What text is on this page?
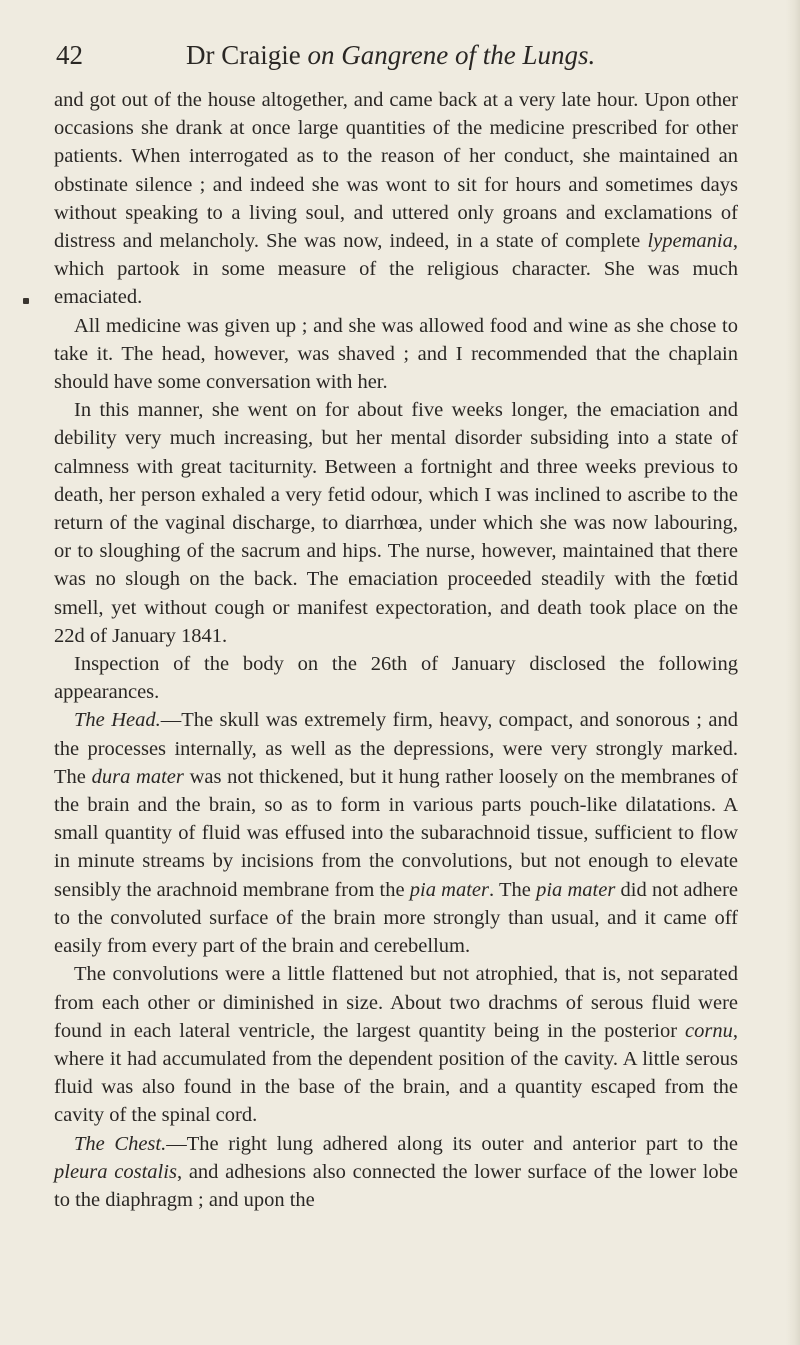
42	Dr Craigie on Gangrene of the Lungs.

and got out of the house altogether, and came back at a very late hour. Upon other occasions she drank at once large quantities of the medicine prescribed for other patients. When interrogated as to the reason of her conduct, she maintained an obstinate silence ; and indeed she was wont to sit for hours and sometimes days without speaking to a living soul, and uttered only groans and exclamations of distress and melancholy. She was now, indeed, in a state of complete lypemania, which partook in some measure of the religious character. She was much emaciated.

All medicine was given up ; and she was allowed food and wine as she chose to take it. The head, however, was shaved ; and I recommended that the chaplain should have some conversation with her.

In this manner, she went on for about five weeks longer, the emaciation and debility very much increasing, but her mental disorder subsiding into a state of calmness with great taciturnity. Between a fortnight and three weeks previous to death, her person exhaled a very fetid odour, which I was inclined to ascribe to the return of the vaginal discharge, to diarrhœa, under which she was now labouring, or to sloughing of the sacrum and hips. The nurse, however, maintained that there was no slough on the back. The emaciation proceeded steadily with the fœtid smell, yet without cough or manifest expectoration, and death took place on the 22d of January 1841.

Inspection of the body on the 26th of January disclosed the following appearances.

The Head.—The skull was extremely firm, heavy, compact, and sonorous ; and the processes internally, as well as the depressions, were very strongly marked. The dura mater was not thickened, but it hung rather loosely on the membranes of the brain and the brain, so as to form in various parts pouch-like dilatations. A small quantity of fluid was effused into the subarachnoid tissue, sufficient to flow in minute streams by incisions from the convolutions, but not enough to elevate sensibly the arachnoid membrane from the pia mater. The pia mater did not adhere to the convoluted surface of the brain more strongly than usual, and it came off easily from every part of the brain and cerebellum.

The convolutions were a little flattened but not atrophied, that is, not separated from each other or diminished in size. About two drachms of serous fluid were found in each lateral ventricle, the largest quantity being in the posterior cornu, where it had accumulated from the dependent position of the cavity. A little serous fluid was also found in the base of the brain, and a quantity escaped from the cavity of the spinal cord.

The Chest.—The right lung adhered along its outer and anterior part to the pleura costalis, and adhesions also connected the lower surface of the lower lobe to the diaphragm ; and upon the
